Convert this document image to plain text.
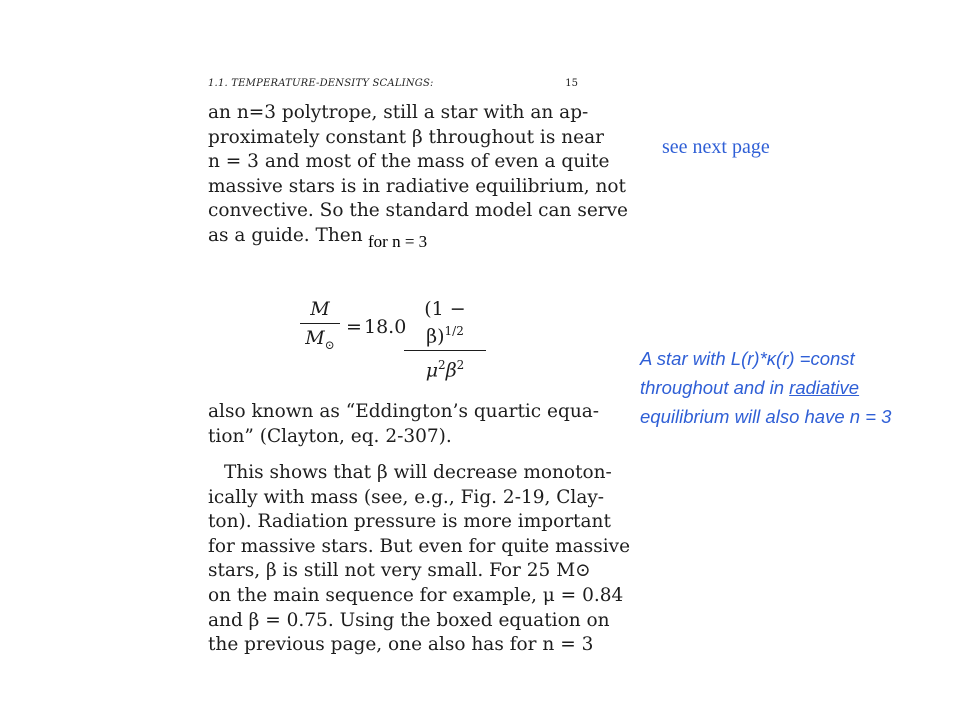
1.1. TEMPERATURE-DENSITY SCALINGS:	15

an n=3 polytrope, still a star with an ap-
proximately constant β throughout is near
n = 3 and most of the mass of even a quite
massive stars is in radiative equilibrium, not
convective. So the standard model can serve
as a guide. Then for n = 3
M
$M_⊙$
= 18.0
$(1 - \beta)^{1/2}$
$\mu^2\beta^2$

also known as “Eddington’s quartic equa-
tion” (Clayton, eq. 2-307).

This shows that β will decrease monoton-
ically with mass (see, e.g., Fig. 2-19, Clay-
ton). Radiation pressure is more important
for massive stars. But even for quite massive
stars, β is still not very small. For 25 M⊙
on the main sequence for example, μ = 0.84
and β = 0.75. Using the boxed equation on
the previous page, one also has for n = 3

see next page
A star with L(r)*κ(r) =const
throughout and in radiative
equilibrium will also have n = 3
